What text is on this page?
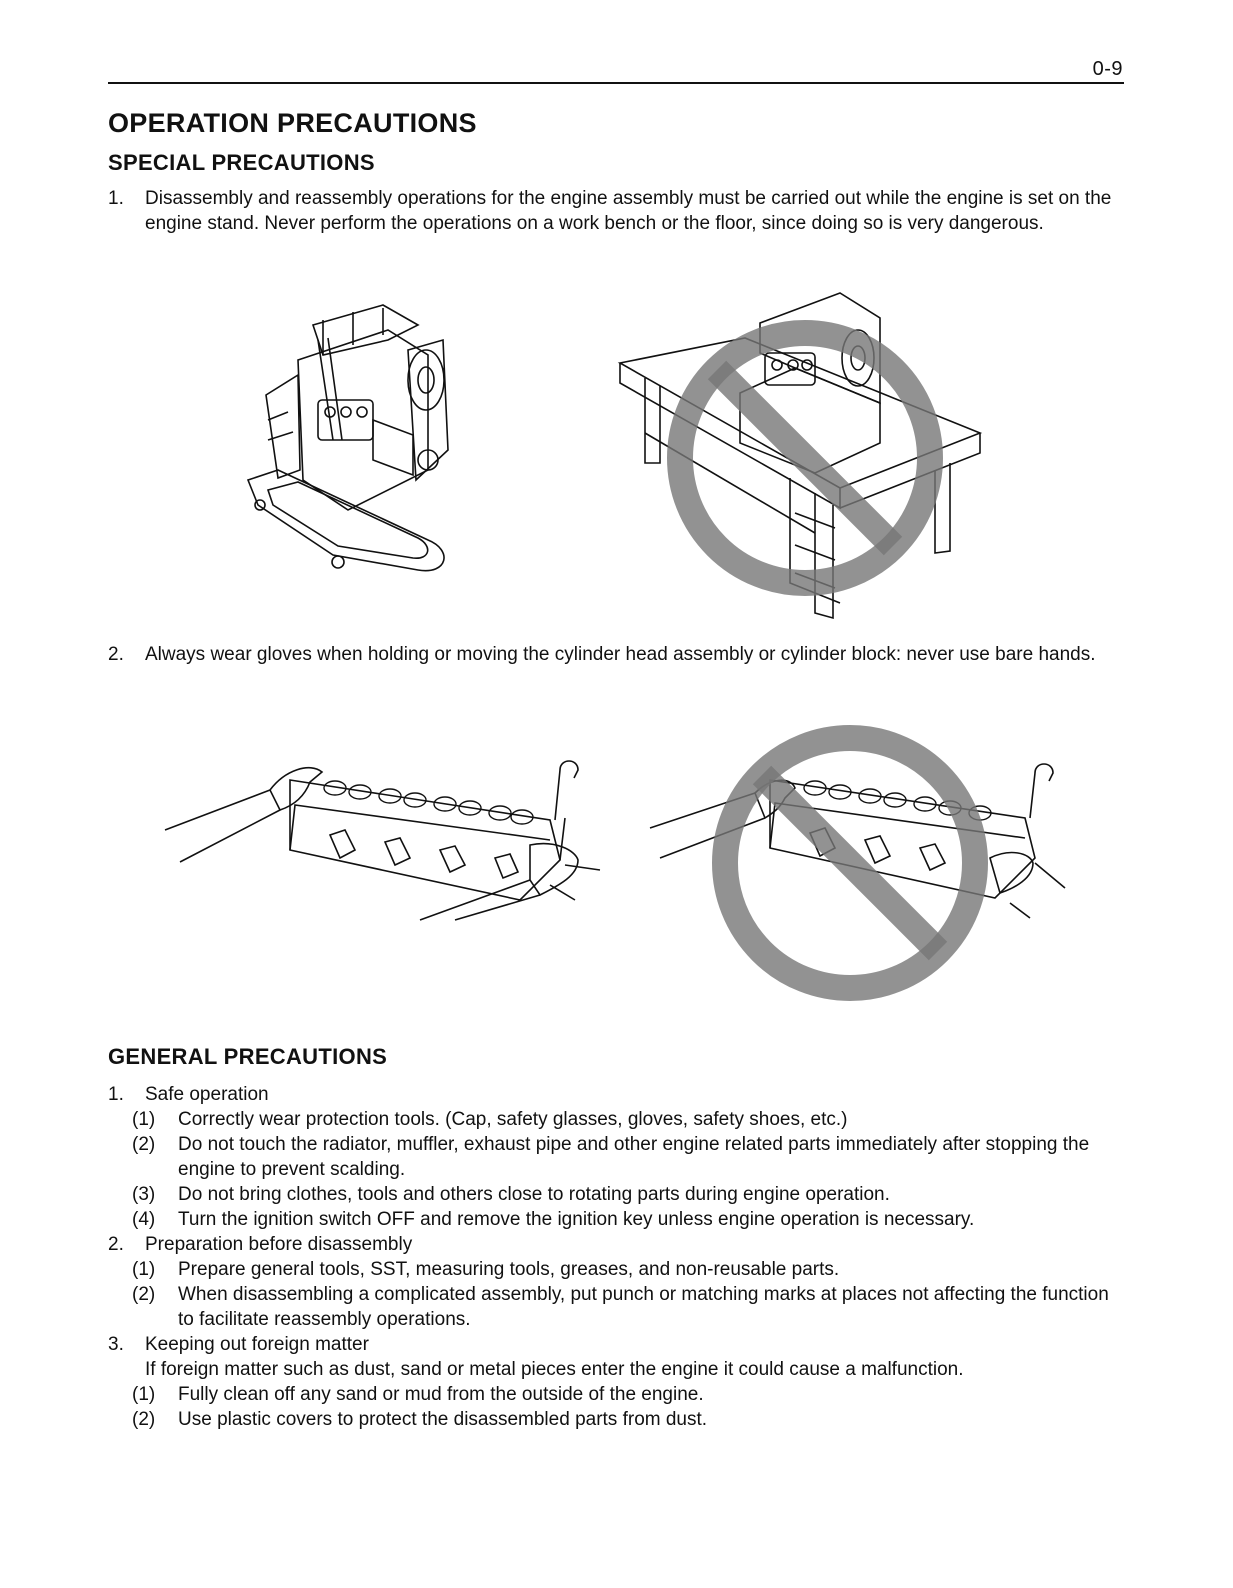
0-9
OPERATION PRECAUTIONS
SPECIAL PRECAUTIONS
1. Disassembly and reassembly operations for the engine assembly must be carried out while the engine is set on the engine stand. Never perform the operations on a work bench or the floor, since doing so is very dangerous.
2. Always wear gloves when holding or moving the cylinder head assembly or cylinder block: never use bare hands.
GENERAL PRECAUTIONS
1. Safe operation
(1) Correctly wear protection tools. (Cap, safety glasses, gloves, safety shoes, etc.)
(2) Do not touch the radiator, muffler, exhaust pipe and other engine related parts immediately after stopping the engine to prevent scalding.
(3) Do not bring clothes, tools and others close to rotating parts during engine operation.
(4) Turn the ignition switch OFF and remove the ignition key unless engine operation is necessary.
2. Preparation before disassembly
(1) Prepare general tools, SST, measuring tools, greases, and non-reusable parts.
(2) When disassembling a complicated assembly, put punch or matching marks at places not affecting the function to facilitate reassembly operations.
3. Keeping out foreign matter
If foreign matter such as dust, sand or metal pieces enter the engine it could cause a malfunction.
(1) Fully clean off any sand or mud from the outside of the engine.
(2) Use plastic covers to protect the disassembled parts from dust.
